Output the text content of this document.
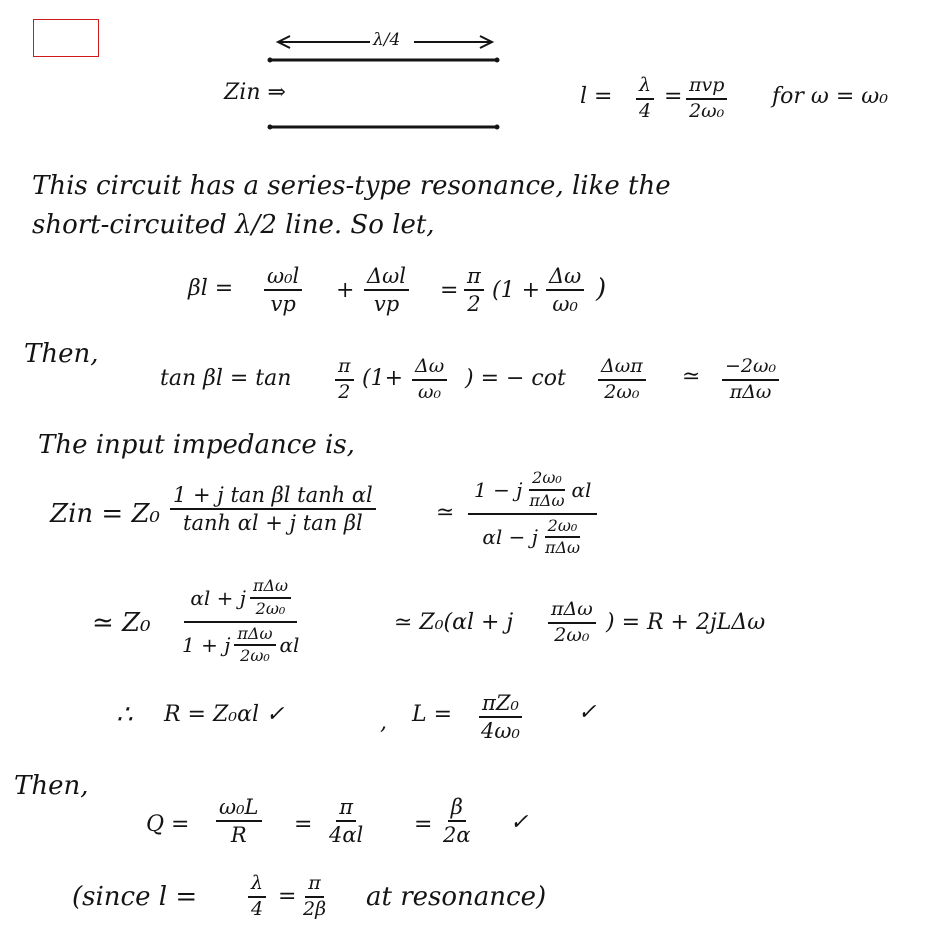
λ/4
Zin ⇒	$l = \frac{\lambda}{4} = \pi vp$
2ω₀
for ω = ω₀
This circuit has a series-type resonance, like the
short-circuited λ/2 line. So let,
$\beta l = \frac{\text{ω₀l}}{vp}$ +
Δωl
vp
= $\frac{\pi}{2} (1 + \frac{\Delta\omega}{\text{ω₀}}$ )
Then,
$\tan \beta l = \tan \frac{\pi}{2} (1+ \frac{\Delta\omega}{\text{ω₀}}$ ) = − cot Δωπ
2ω₀
≃ −2ω₀
πΔω
The input impedance is,
Zin = $Z_0 \frac{\text{1 + j tan βl tanh αl}}{\text{tanh αl + j tan βl}}$	≃
1 − j $\frac{\text{2ω₀}}{\text{πΔω}}$ αl
αl − j $\frac{\text{2ω₀}}{\text{πΔω}}$
≃ Z₀
αl + j $\frac{\text{πΔω}}{\text{2ω₀}}$
1 + j $\frac{\text{πΔω}}{\text{2ω₀}}$ αl
≃ Z₀(αl + j
πΔω
2ω₀ ) = R + 2jLΔω
∴ R = Z₀αl ✓	, $L = \frac{\text{πZ₀}}{\text{4ω₀}}$	✓
Then,
$Q = \frac{\text{ω₀L}}{R} = \frac{\pi}{4\alpha l} = \frac{\beta}{2\alpha}$ ✓
(since l =	$\frac{\lambda}{4} = \frac{\pi}{2\beta}$ at resonance)
